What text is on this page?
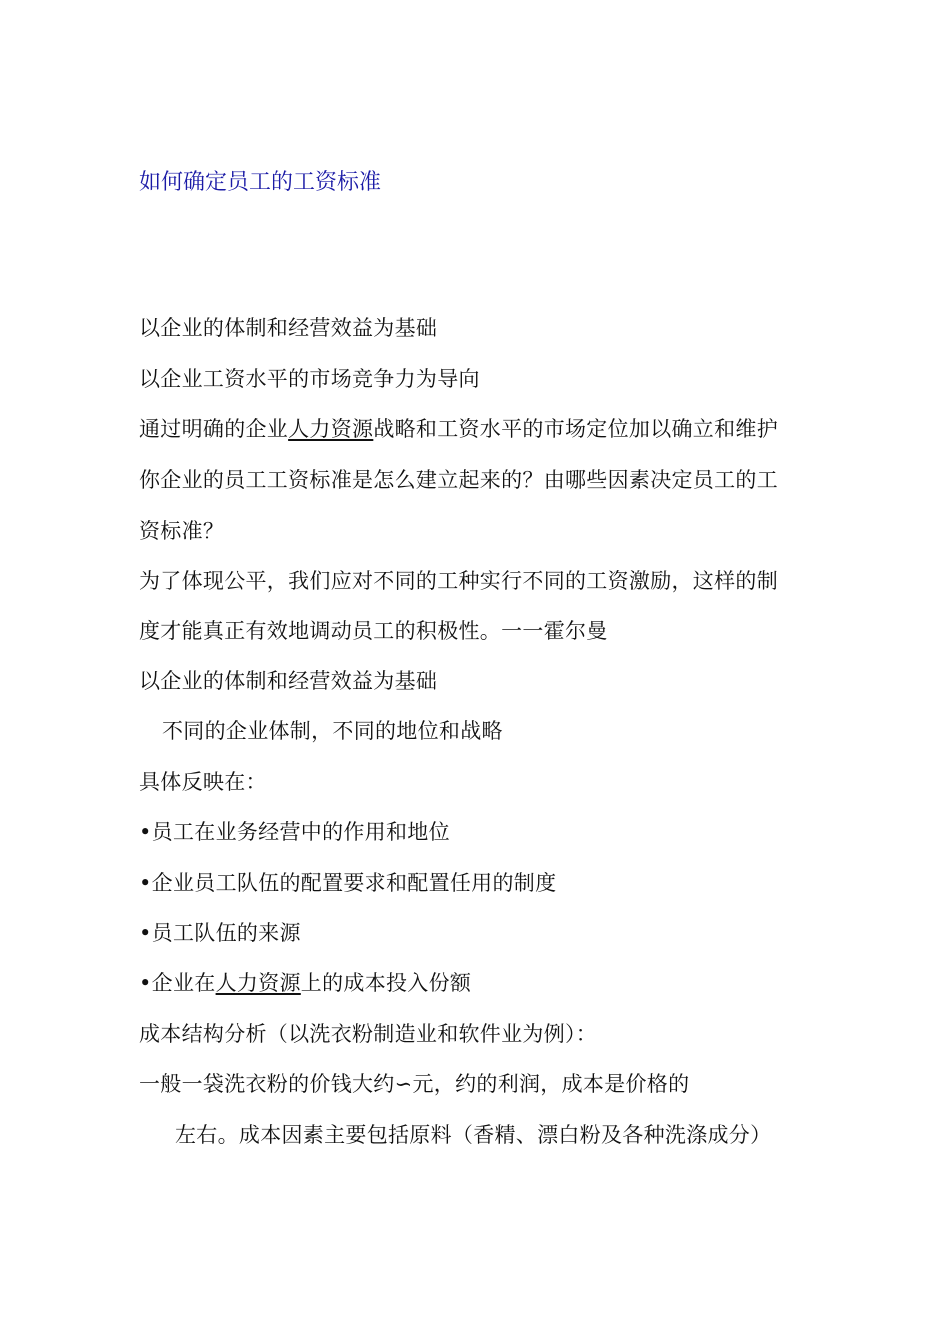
如何确定员工的工资标准
以企业的体制和经营效益为基础
以企业工资水平的市场竞争力为导向
通过明确的企业人力资源战略和工资水平的市场定位加以确立和维护
你企业的员工工资标准是怎么建立起来的？由哪些因素决定员工的工
资标准？
为了体现公平，我们应对不同的工种实行不同的工资激励，这样的制
度才能真正有效地调动员工的积极性。一一霍尔曼
以企业的体制和经营效益为基础
不同的企业体制，不同的地位和战略
具体反映在：
•员工在业务经营中的作用和地位
•企业员工队伍的配置要求和配置任用的制度
•员工队伍的来源
•企业在人力资源上的成本投入份额
成本结构分析（以洗衣粉制造业和软件业为例）：
一般一袋洗衣粉的价钱大约∽元，约的利润，成本是价格的
左右。成本因素主要包括原料（香精、漂白粉及各种洗涤成分）
